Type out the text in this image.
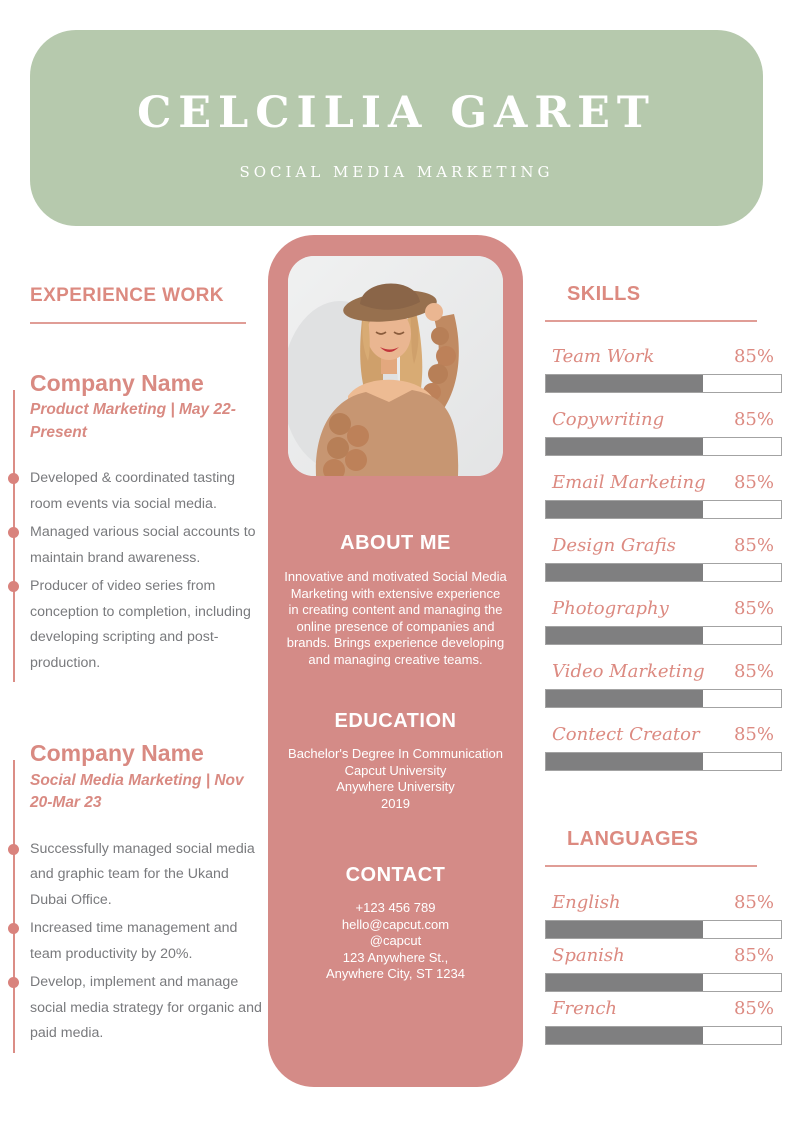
CELCILIA GARET
SOCIAL MEDIA MARKETING
EXPERIENCE WORK
Company Name
Product Marketing | May 22-Present
Developed & coordinated tasting room events via social media.
Managed various social accounts to maintain brand awareness.
Producer of video series from conception to completion, including developing scripting and post-production.
Company Name
Social Media Marketing | Nov 20-Mar 23
Successfully managed social media and graphic team for the Ukand Dubai Office.
Increased time management and team productivity by 20%.
Develop, implement and manage social media strategy for organic and paid media.
ABOUT ME

Innovative and motivated Social Media Marketing with extensive experience in creating content and managing the online presence of companies and brands. Brings experience developing and managing creative teams.

EDUCATION
Bachelor's Degree In Communication
Capcut University
Anywhere University
2019
CONTACT
+123 456 789
hello@capcut.com
@capcut
123 Anywhere St.,
Anywhere City, ST 1234
SKILLS
Team Work	85%
Copywriting	85%
Email Marketing 85%
Design Grafis	85%
Photography	85%
Video Marketing 85%
Contect Creator 85%
LANGUAGES
English	85%
Spanish	85%
French	85%
